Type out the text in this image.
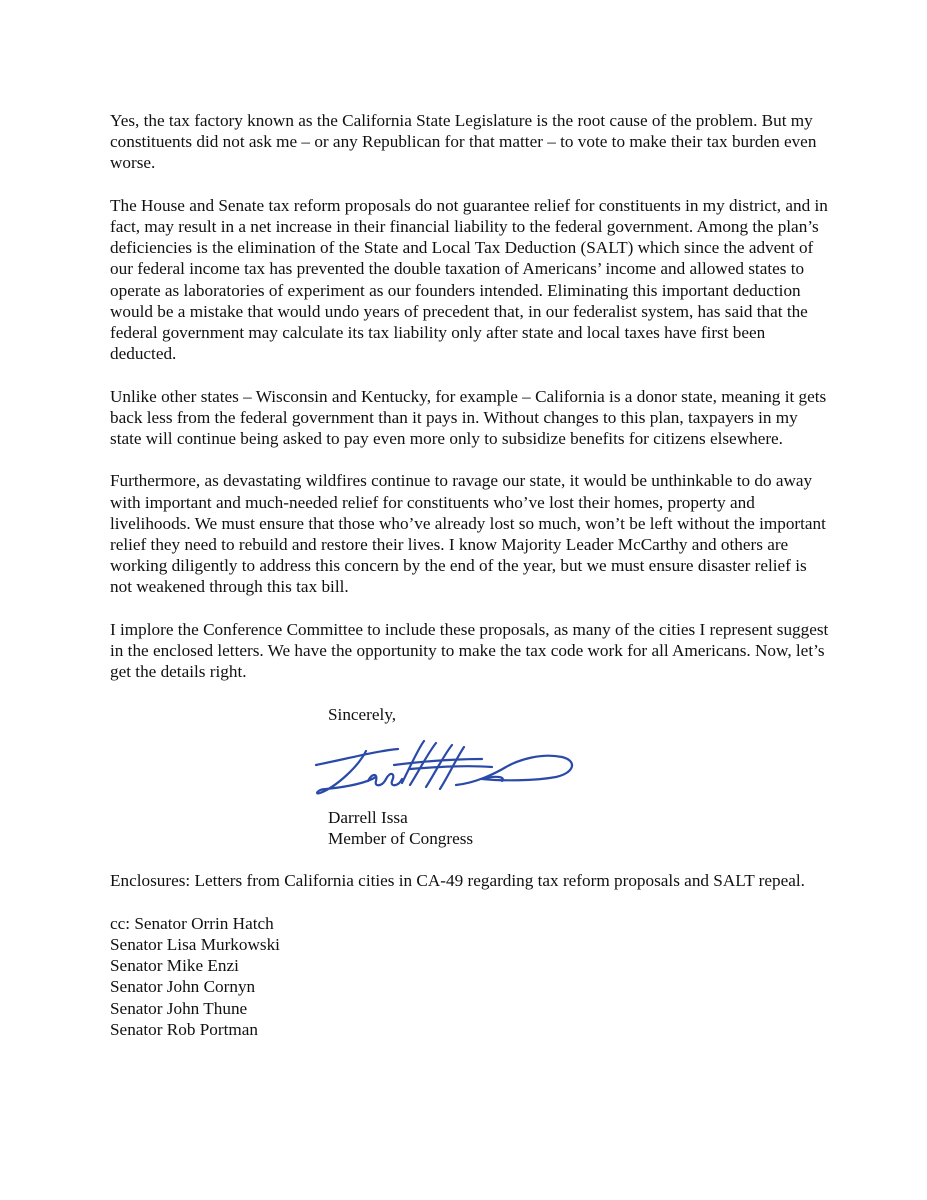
Yes, the tax factory known as the California State Legislature is the root cause of the problem. But my constituents did not ask me – or any Republican for that matter – to vote to make their tax burden even worse.

The House and Senate tax reform proposals do not guarantee relief for constituents in my district, and in fact, may result in a net increase in their financial liability to the federal government. Among the plan’s deficiencies is the elimination of the State and Local Tax Deduction (SALT) which since the advent of our federal income tax has prevented the double taxation of Americans’ income and allowed states to operate as laboratories of experiment as our founders intended. Eliminating this important deduction would be a mistake that would undo years of precedent that, in our federalist system, has said that the federal government may calculate its tax liability only after state and local taxes have first been deducted.

Unlike other states – Wisconsin and Kentucky, for example – California is a donor state, meaning it gets back less from the federal government than it pays in. Without changes to this plan, taxpayers in my state will continue being asked to pay even more only to subsidize benefits for citizens elsewhere.

Furthermore, as devastating wildfires continue to ravage our state, it would be unthinkable to do away with important and much-needed relief for constituents who’ve lost their homes, property and livelihoods. We must ensure that those who’ve already lost so much, won’t be left without the important relief they need to rebuild and restore their lives. I know Majority Leader McCarthy and others are working diligently to address this concern by the end of the year, but we must ensure disaster relief is not weakened through this tax bill.

I implore the Conference Committee to include these proposals, as many of the cities I represent suggest in the enclosed letters. We have the opportunity to make the tax code work for all Americans. Now, let’s get the details right.

Sincerely,

Darrell Issa
Member of Congress

Enclosures: Letters from California cities in CA-49 regarding tax reform proposals and SALT repeal.

cc: Senator Orrin Hatch
Senator Lisa Murkowski
Senator Mike Enzi
Senator John Cornyn
Senator John Thune
Senator Rob Portman
